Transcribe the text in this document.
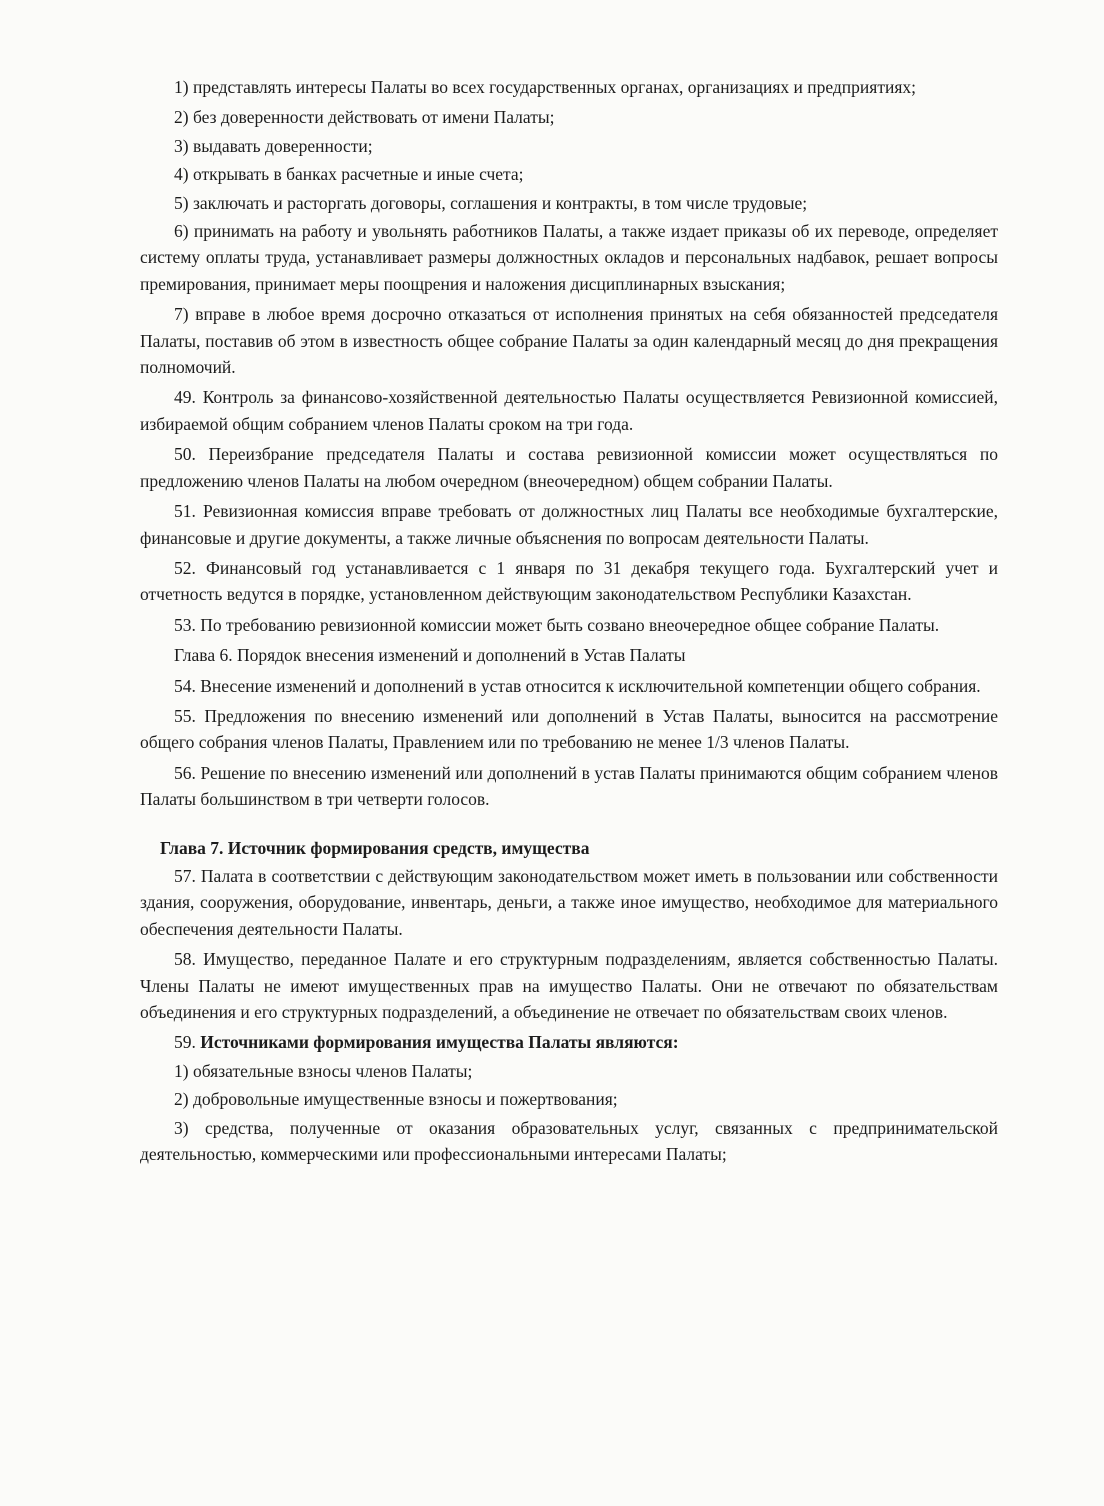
1) представлять интересы Палаты во всех государственных органах, организациях и предприятиях;

2) без доверенности действовать от имени Палаты;

3) выдавать доверенности;

4) открывать в банках расчетные и иные счета;

5) заключать и расторгать договоры, соглашения и контракты, в том числе трудовые;

6) принимать на работу и увольнять работников Палаты, а также издает приказы об их переводе, определяет систему оплаты труда, устанавливает размеры должностных окладов и персональных надбавок, решает вопросы премирования, принимает меры поощрения и наложения дисциплинарных взыскания;

7) вправе в любое время досрочно отказаться от исполнения принятых на себя обязанностей председателя Палаты, поставив об этом в известность общее собрание Палаты за один календарный месяц до дня прекращения полномочий.

49. Контроль за финансово-хозяйственной деятельностью Палаты осуществляется Ревизионной комиссией, избираемой общим собранием членов Палаты сроком на три года.

50. Переизбрание председателя Палаты и состава ревизионной комиссии может осуществляться по предложению членов Палаты на любом очередном (внеочередном) общем собрании Палаты.

51. Ревизионная комиссия вправе требовать от должностных лиц Палаты все необходимые бухгалтерские, финансовые и другие документы, а также личные объяснения по вопросам деятельности Палаты.

52. Финансовый год устанавливается с 1 января по 31 декабря текущего года. Бухгалтерский учет и отчетность ведутся в порядке, установленном действующим законодательством Республики Казахстан.

53. По требованию ревизионной комиссии может быть созвано внеочередное общее собрание Палаты.

Глава 6. Порядок внесения изменений и дополнений в Устав Палаты

54. Внесение изменений и дополнений в устав относится к исключительной компетенции общего собрания.

55. Предложения по внесению изменений или дополнений в Устав Палаты, выносится на рассмотрение общего собрания членов Палаты, Правлением или по требованию не менее 1/3 членов Палаты.

56. Решение по внесению изменений или дополнений в устав Палаты принимаются общим собранием членов Палаты большинством в три четверти голосов.

Глава 7. Источник формирования средств, имущества

57. Палата в соответствии с действующим законодательством может иметь в пользовании или собственности здания, сооружения, оборудование, инвентарь, деньги, а также иное имущество, необходимое для материального обеспечения деятельности Палаты.

58. Имущество, переданное Палате и его структурным подразделениям, является собственностью Палаты. Члены Палаты не имеют имущественных прав на имущество Палаты. Они не отвечают по обязательствам объединения и его структурных подразделений, а объединение не отвечает по обязательствам своих членов.

59. Источниками формирования имущества Палаты являются:

1) обязательные взносы членов Палаты;

2) добровольные имущественные взносы и пожертвования;

3) средства, полученные от оказания образовательных услуг, связанных с предпринимательской деятельностью, коммерческими или профессиональными интересами Палаты;
